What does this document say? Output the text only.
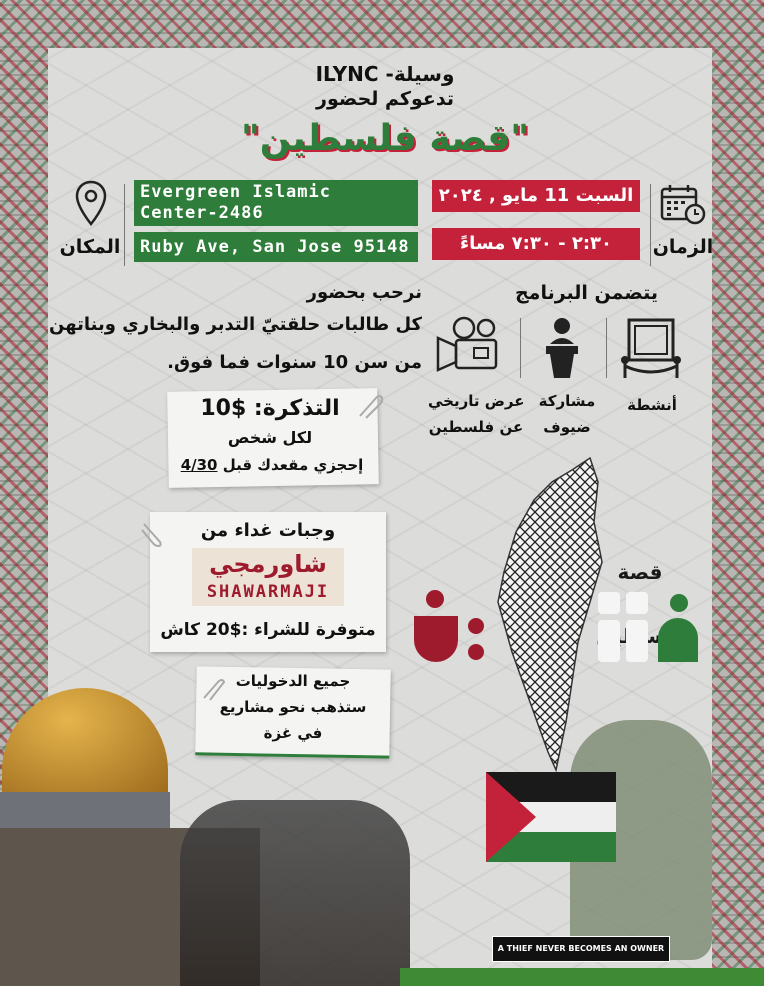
وسيلة- ILYNC
تدعوكم لحضور
"قصة فلسطين"
المكان
Evergreen Islamic Center-2486
Ruby Ave, San Jose 95148
السبت 11 مايو , ٢٠٢٤
٢:٣٠ - ٧:٣٠ مساءً	الزمان
نرحب بحضور
كل طالبات حلقتيّ التدبر والبخاري وبناتهن
من سن 10 سنوات فما فوق.
يتضمن البرنامج
أنشطة
مشاركة
ضيوف
عرض تاريخي
عن فلسطين
التذكرة: $10
لكل شخص
إحجزي مقعدك قبل 4/30
وجبات غداء من
شاورمجي
SHAWARMAJI
متوفرة للشراء :$20 كاش
جميع الدخوليات
ستذهب نحو مشاريع
في غزة
قصة
A THIEF NEVER BECOMES AN OWNER
